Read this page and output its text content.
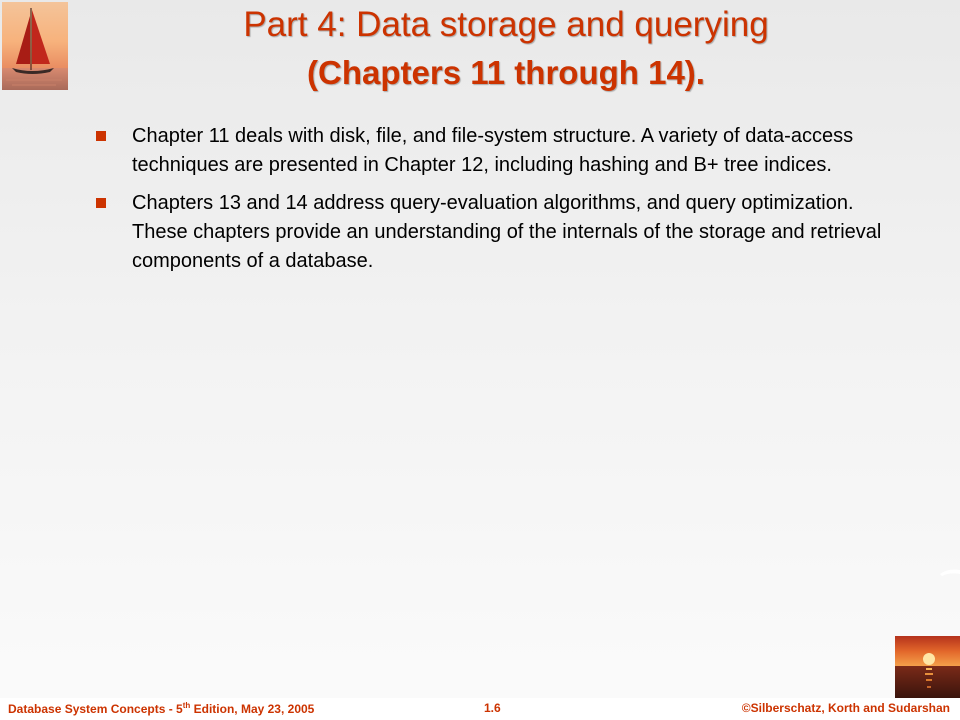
Part 4: Data storage and querying
(Chapters 11 through 14).
Chapter 11 deals with disk, file, and file-system structure. A variety of data-access techniques are presented in Chapter 12, including hashing and B+ tree indices.
Chapters 13 and 14 address query-evaluation algorithms, and query optimization. These chapters provide an understanding of the internals of the storage and retrieval components of a database.
Database System Concepts - 5th Edition, May 23, 2005	1.6	©Silberschatz, Korth and Sudarshan
